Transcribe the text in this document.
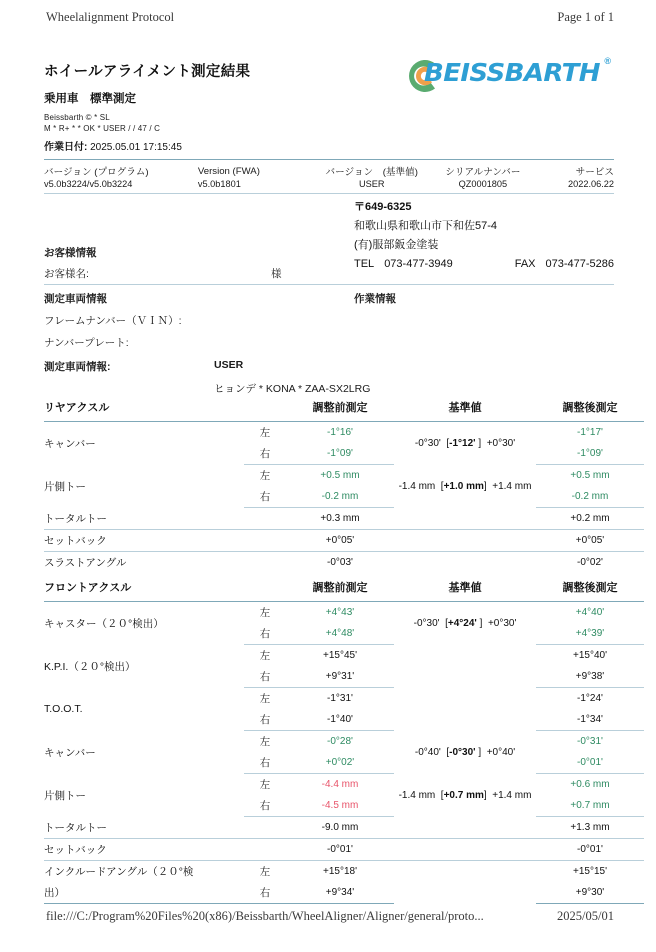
Wheelalignment Protocol	Page 1 of 1
ホイールアライメント測定結果
乗用車　標準測定
Beissbarth © * SL
M * R+ * * OK * USER / / 47 / C
作業日付: 2025.05.01 17:15:45
BEISSBARTH ®
バージョン (プログラム)	Version (FWA)	バージョン　(基準値)	シリアルナンバー	サービス
v5.0b3224/v5.0b3224	v5.0b1801	USER	QZ0001805	2022.06.22
〒649-6325
和歌山県和歌山市下和佐57-4
(有)服部鈑金塗装
TEL 073-477-3949	FAX 073-477-5286
お客様情報
お客様名:	様
測定車両情報	作業情報
フレームナンバー（ＶＩＮ）:
ナンバープレート:
測定車両情報:	USER
ヒョンデ * KONA * ZAA-SX2LRG
リヤアクスル		調整前測定	基準値	調整後測定
キャンバー	左	-1°16'	-0°30'  [-1°12' ]  +0°30'	-1°17'
	右	-1°09'		-1°09'
片側トー	左	+0.5 mm	-1.4 mm  [+1.0 mm]  +1.4 mm	+0.5 mm
	右	-0.2 mm		-0.2 mm
トータルトー		+0.3 mm		+0.2 mm
セットバック		+0°05'		+0°05'
スラストアングル		-0°03'		-0°02'
フロントアクスル		調整前測定	基準値	調整後測定
キャスター（２０°検出）	左	+4°43'	-0°30'  [+4°24' ]  +0°30'	+4°40'
	右	+4°48'		+4°39'
K.P.I.（２０°検出）	左	+15°45'		+15°40'
	右	+9°31'		+9°38'
T.O.O.T.	左	-1°31'		-1°24'
	右	-1°40'		-1°34'
キャンバー	左	-0°28'	-0°40'  [-0°30' ]  +0°40'	-0°31'
	右	+0°02'		-0°01'
片側トー	左	-4.4 mm	-1.4 mm  [+0.7 mm]  +1.4 mm	+0.6 mm
	右	-4.5 mm		+0.7 mm
トータルトー		-9.0 mm		+1.3 mm
セットバック		-0°01'		-0°01'

インクルードアングル（２０°検	左	+15°18'		+15°15'

出）	右	+9°34'		+9°30'
file:///C:/Program%20Files%20(x86)/Beissbarth/WheelAligner/Aligner/general/proto...	2025/05/01
